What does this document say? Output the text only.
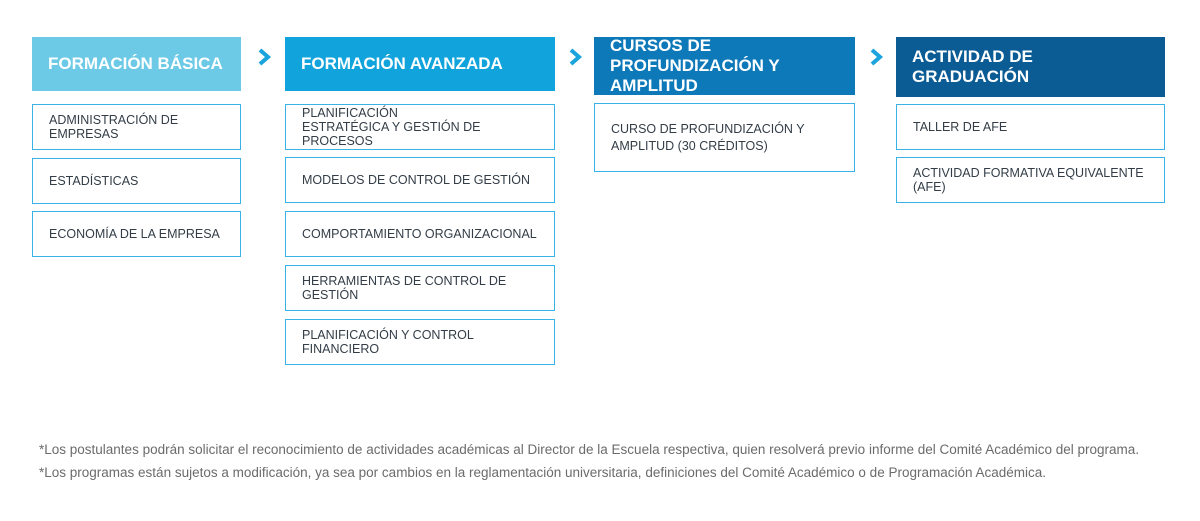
FORMACIÓN BÁSICA
ADMINISTRACIÓN DE EMPRESAS
ESTADÍSTICAS
ECONOMÍA DE LA EMPRESA
FORMACIÓN AVANZADA
PLANIFICACIÓN ESTRATÉGICA Y GESTIÓN DE PROCESOS
MODELOS DE CONTROL DE GESTIÓN
COMPORTAMIENTO ORGANIZACIONAL
HERRAMIENTAS DE CONTROL DE GESTIÓN
PLANIFICACIÓN Y CONTROL FINANCIERO
CURSOS DE PROFUNDIZACIÓN Y AMPLITUD
CURSO DE PROFUNDIZACIÓN Y AMPLITUD (30 CRÉDITOS)
ACTIVIDAD DE GRADUACIÓN
TALLER DE AFE
ACTIVIDAD FORMATIVA EQUIVALENTE (AFE)
*Los postulantes podrán solicitar el reconocimiento de actividades académicas al Director de la Escuela respectiva, quien resolverá previo informe del Comité Académico del programa.
*Los programas están sujetos a modificación, ya sea por cambios en la reglamentación universitaria, definiciones del Comité Académico o de Programación Académica.
